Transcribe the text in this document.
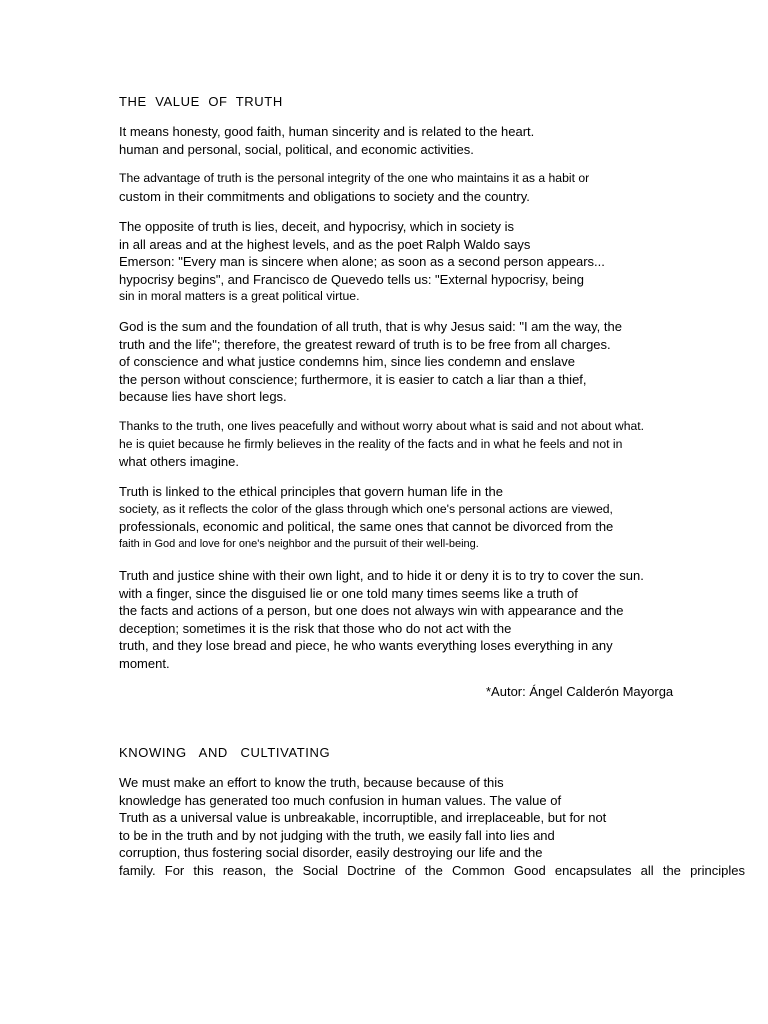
THE  VALUE  OF  TRUTH
It means honesty, good faith, human sincerity and is related to the heart.
human and personal, social, political, and economic activities.
The advantage of truth is the personal integrity of the one who maintains it as a habit or
custom in their commitments and obligations to society and the country.
The opposite of truth is lies, deceit, and hypocrisy, which in society is
in all areas and at the highest levels, and as the poet Ralph Waldo says
Emerson: "Every man is sincere when alone; as soon as a second person appears...
hypocrisy begins", and Francisco de Quevedo tells us: "External hypocrisy, being
sin in moral matters is a great political virtue.
God is the sum and the foundation of all truth, that is why Jesus said: "I am the way, the
truth and the life"; therefore, the greatest reward of truth is to be free from all charges.
of conscience and what justice condemns him, since lies condemn and enslave
the person without conscience; furthermore, it is easier to catch a liar than a thief,
because lies have short legs.
Thanks to the truth, one lives peacefully and without worry about what is said and not about what.
he is quiet because he firmly believes in the reality of the facts and in what he feels and not in
what others imagine.
Truth is linked to the ethical principles that govern human life in the
society, as it reflects the color of the glass through which one's personal actions are viewed,
professionals, economic and political, the same ones that cannot be divorced from the
faith in God and love for one's neighbor and the pursuit of their well-being.
Truth and justice shine with their own light, and to hide it or deny it is to try to cover the sun.
with a finger, since the disguised lie or one told many times seems like a truth of
the facts and actions of a person, but one does not always win with appearance and the
deception; sometimes it is the risk that those who do not act with the
truth, and they lose bread and piece, he who wants everything loses everything in any
moment.

*Autor: Ángel Calderón Mayorga

KNOWING   AND   CULTIVATING
We must make an effort to know the truth, because because of this
knowledge has generated too much confusion in human values. The value of
Truth as a universal value is unbreakable, incorruptible, and irreplaceable, but for not
to be in the truth and by not judging with the truth, we easily fall into lies and
corruption, thus fostering social disorder, easily destroying our life and the
family. For this reason, the Social Doctrine of the Common Good encapsulates all the principles
